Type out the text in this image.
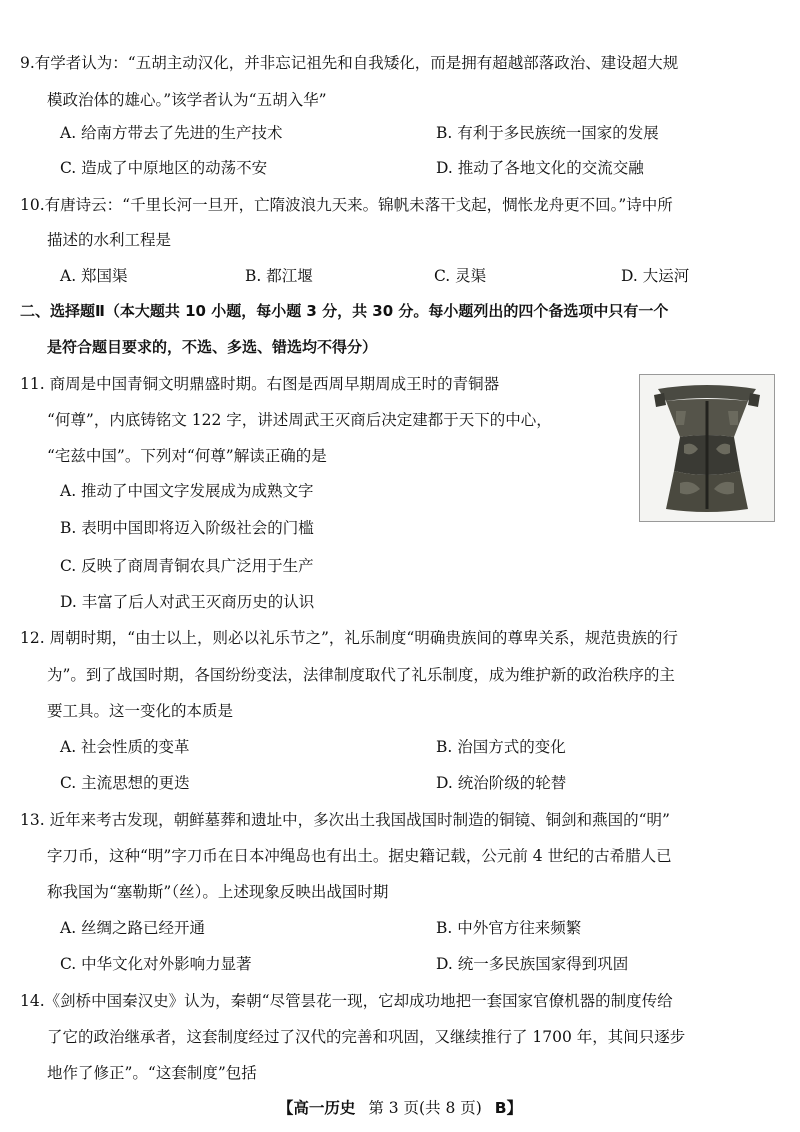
9.有学者认为：“五胡主动汉化，并非忘记祖先和自我矮化，而是拥有超越部落政治、建设超大规
模政治体的雄心。”该学者认为“五胡入华”
A. 给南方带去了先进的生产技术	B. 有利于多民族统一国家的发展
C. 造成了中原地区的动荡不安	D. 推动了各地文化的交流交融
10.有唐诗云：“千里长河一旦开，亡隋波浪九天来。锦帆未落干戈起，惆怅龙舟更不回。”诗中所
描述的水利工程是
A. 郑国渠	B. 都江堰	C. 灵渠	D. 大运河
二、选择题Ⅱ（本大题共 10 小题，每小题 3 分，共 30 分。每小题列出的四个备选项中只有一个
是符合题目要求的，不选、多选、错选均不得分）
11. 商周是中国青铜文明鼎盛时期。右图是西周早期周成王时的青铜器
“何尊”，内底铸铭文 122 字，讲述周武王灭商后决定建都于天下的中心，
“宅兹中国”。下列对“何尊”解读正确的是
A. 推动了中国文字发展成为成熟文字
B. 表明中国即将迈入阶级社会的门槛
C. 反映了商周青铜农具广泛用于生产
D. 丰富了后人对武王灭商历史的认识
12. 周朝时期，“由士以上，则必以礼乐节之”，礼乐制度“明确贵族间的尊卑关系，规范贵族的行
为”。到了战国时期，各国纷纷变法，法律制度取代了礼乐制度，成为维护新的政治秩序的主
要工具。这一变化的本质是
A. 社会性质的变革	B. 治国方式的变化
C. 主流思想的更迭	D. 统治阶级的轮替
13. 近年来考古发现，朝鲜墓葬和遗址中，多次出土我国战国时制造的铜镜、铜剑和燕国的“明”
字刀币，这种“明”字刀币在日本冲绳岛也有出土。据史籍记载，公元前 4 世纪的古希腊人已
称我国为“塞勒斯”（丝）。上述现象反映出战国时期
A. 丝绸之路已经开通	B. 中外官方往来频繁
C. 中华文化对外影响力显著	D. 统一多民族国家得到巩固
14.《剑桥中国秦汉史》认为，秦朝“尽管昙花一现，它却成功地把一套国家官僚机器的制度传给
了它的政治继承者，这套制度经过了汉代的完善和巩固，又继续推行了 1700 年，其间只逐步
地作了修正”。“这套制度”包括
【高一历史 第 3 页(共 8 页) B】
